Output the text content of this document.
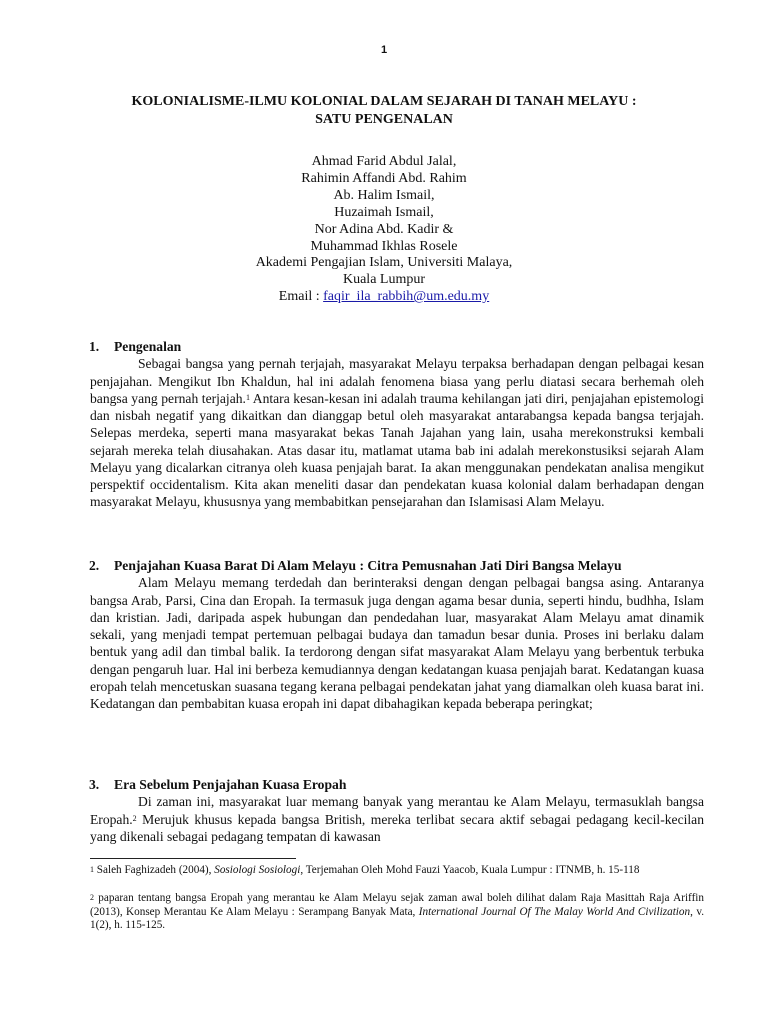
1
KOLONIALISME-ILMU KOLONIAL DALAM SEJARAH DI TANAH MELAYU :
SATU PENGENALAN
Ahmad Farid Abdul Jalal,
Rahimin Affandi Abd. Rahim
Ab. Halim Ismail,
Huzaimah Ismail,
Nor Adina Abd. Kadir &
Muhammad Ikhlas Rosele
Akademi Pengajian Islam, Universiti Malaya,
Kuala Lumpur
Email : faqir_ila_rabbih@um.edu.my
1.	Pengenalan

Sebagai bangsa yang pernah terjajah, masyarakat Melayu terpaksa berhadapan dengan pelbagai kesan penjajahan. Mengikut Ibn Khaldun, hal ini adalah fenomena biasa yang perlu diatasi secara berhemah oleh bangsa yang pernah terjajah.$^1$ Antara kesan-kesan ini adalah trauma kehilangan jati diri, penjajahan epistemologi dan nisbah negatif yang dikaitkan dan dianggap betul oleh masyarakat antarabangsa kepada bangsa terjajah. Selepas merdeka, seperti mana masyarakat bekas Tanah Jajahan yang lain, usaha merekonstruksi kembali sejarah mereka telah diusahakan. Atas dasar itu, matlamat utama bab ini adalah merekonstusiksi sejarah Alam Melayu yang dicalarkan citranya oleh kuasa penjajah barat. Ia akan menggunakan pendekatan analisa mengikut perspektif occidentalism. Kita akan meneliti dasar dan pendekatan kuasa kolonial dalam berhadapan dengan masyarakat Melayu, khususnya yang membabitkan pensejarahan dan Islamisasi Alam Melayu.

2.	Penjajahan Kuasa Barat Di Alam Melayu : Citra Pemusnahan Jati Diri Bangsa Melayu

Alam Melayu memang terdedah dan berinteraksi dengan dengan pelbagai bangsa asing. Antaranya bangsa Arab, Parsi, Cina dan Eropah. Ia termasuk juga dengan agama besar dunia, seperti hindu, budhha, Islam dan kristian. Jadi, daripada aspek hubungan dan pendedahan luar, masyarakat Alam Melayu amat dinamik sekali, yang menjadi tempat pertemuan pelbagai budaya dan tamadun besar dunia. Proses ini berlaku dalam bentuk yang adil dan timbal balik. Ia terdorong dengan sifat masyarakat Alam Melayu yang berbentuk terbuka dengan pengaruh luar. Hal ini berbeza kemudiannya dengan kedatangan kuasa penjajah barat. Kedatangan kuasa eropah telah mencetuskan suasana tegang kerana pelbagai pendekatan jahat yang diamalkan oleh kuasa barat ini. Kedatangan dan pembabitan kuasa eropah ini dapat dibahagikan kepada beberapa peringkat;

3.	Era Sebelum Penjajahan Kuasa Eropah

Di zaman ini, masyarakat luar memang banyak yang merantau ke Alam Melayu, termasuklah bangsa Eropah.$^2$ Merujuk khusus kepada bangsa British, mereka terlibat secara aktif sebagai pedagang kecil-kecilan yang dikenali sebagai pedagang tempatan di kawasan

$^1$ Saleh Faghizadeh (2004), Sosiologi Sosiologi, Terjemahan Oleh Mohd Fauzi Yaacob, Kuala Lumpur : ITNMB, h. 15-118
$^2$ paparan tentang bangsa Eropah yang merantau ke Alam Melayu sejak zaman awal boleh dilihat dalam Raja Masittah Raja Ariffin (2013), Konsep Merantau Ke Alam Melayu : Serampang Banyak Mata, International Journal Of The Malay World And Civilization, v. 1(2), h. 115-125.
